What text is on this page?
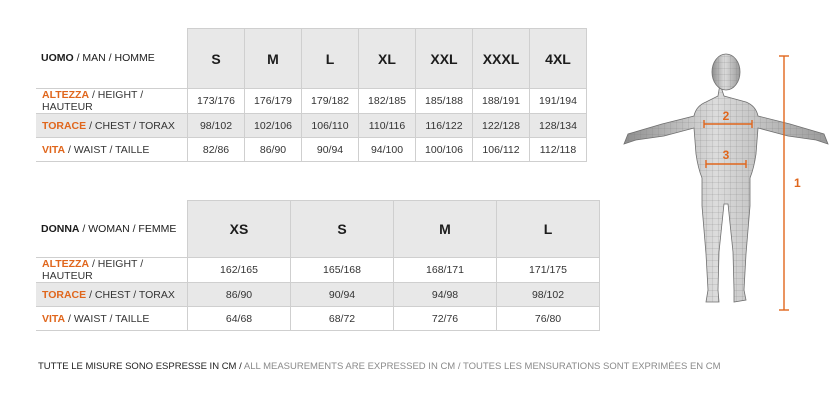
UOMO / MAN / HOMME	S	M	L	XL	XXL	XXXL	4XL
ALTEZZA / HEIGHT / HAUTEUR	173/176	176/179	179/182	182/185	185/188	188/191	191/194
TORACE / CHEST / TORAX	98/102	102/106	106/110	110/116	116/122	122/128	128/134
VITA / WAIST / TAILLE	82/86	86/90	90/94	94/100	100/106	106/112	112/118
DONNA / WOMAN / FEMME	XS	S	M	L
ALTEZZA / HEIGHT / HAUTEUR	162/165	165/168	168/171	171/175
TORACE / CHEST / TORAX	86/90	90/94	94/98	98/102
VITA / WAIST / TAILLE	64/68	68/72	72/76	76/80
TUTTE LE MISURE SONO ESPRESSE IN CM / ALL MEASUREMENTS ARE EXPRESSED IN CM / TOUTES LES MENSURATIONS SONT EXPRIMÉES EN CM
2
3
1
